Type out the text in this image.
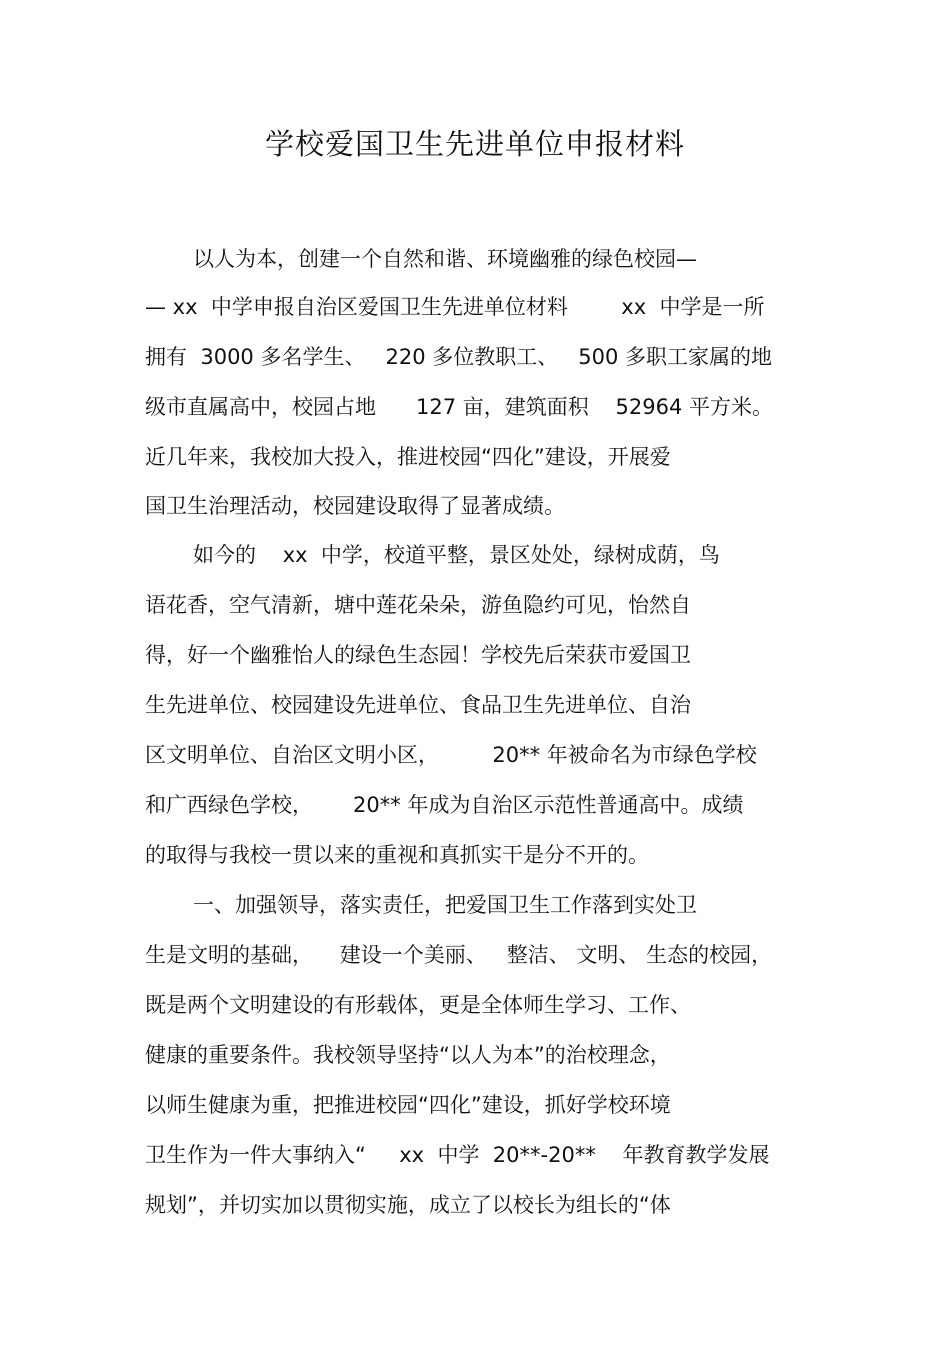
学校爱国卫生先进单位申报材料
以人为本，创建一个自然和谐、环境幽雅的绿色校园—
— xx  中学申报自治区爱国卫生先进单位材料        xx  中学是一所
拥有  3000 多名学生、   220 多位教职工、   500 多职工家属的地
级市直属高中，校园占地      127 亩，建筑面积    52964 平方米。
近几年来，我校加大投入，推进校园“四化”建设，开展爱
国卫生治理活动，校园建设取得了显著成绩。
如今的    xx  中学，校道平整，景区处处，绿树成荫，鸟
语花香，空气清新，塘中莲花朵朵，游鱼隐约可见，怡然自
得，好一个幽雅怡人的绿色生态园！学校先后荣获市爱国卫
生先进单位、校园建设先进单位、食品卫生先进单位、自治
区文明单位、自治区文明小区，        20** 年被命名为市绿色学校
和广西绿色学校，      20** 年成为自治区示范性普通高中。成绩
的取得与我校一贯以来的重视和真抓实干是分不开的。
一、加强领导，落实责任，把爱国卫生工作落到实处卫
生是文明的基础，    建设一个美丽、   整洁、 文明、 生态的校园，
既是两个文明建设的有形载体，更是全体师生学习、工作、
健康的重要条件。我校领导坚持“以人为本”的治校理念，
以师生健康为重，把推进校园“四化”建设，抓好学校环境
卫生作为一件大事纳入“     xx  中学  20**-20**    年教育教学发展
规划”，并切实加以贯彻实施，成立了以校长为组长的“体
